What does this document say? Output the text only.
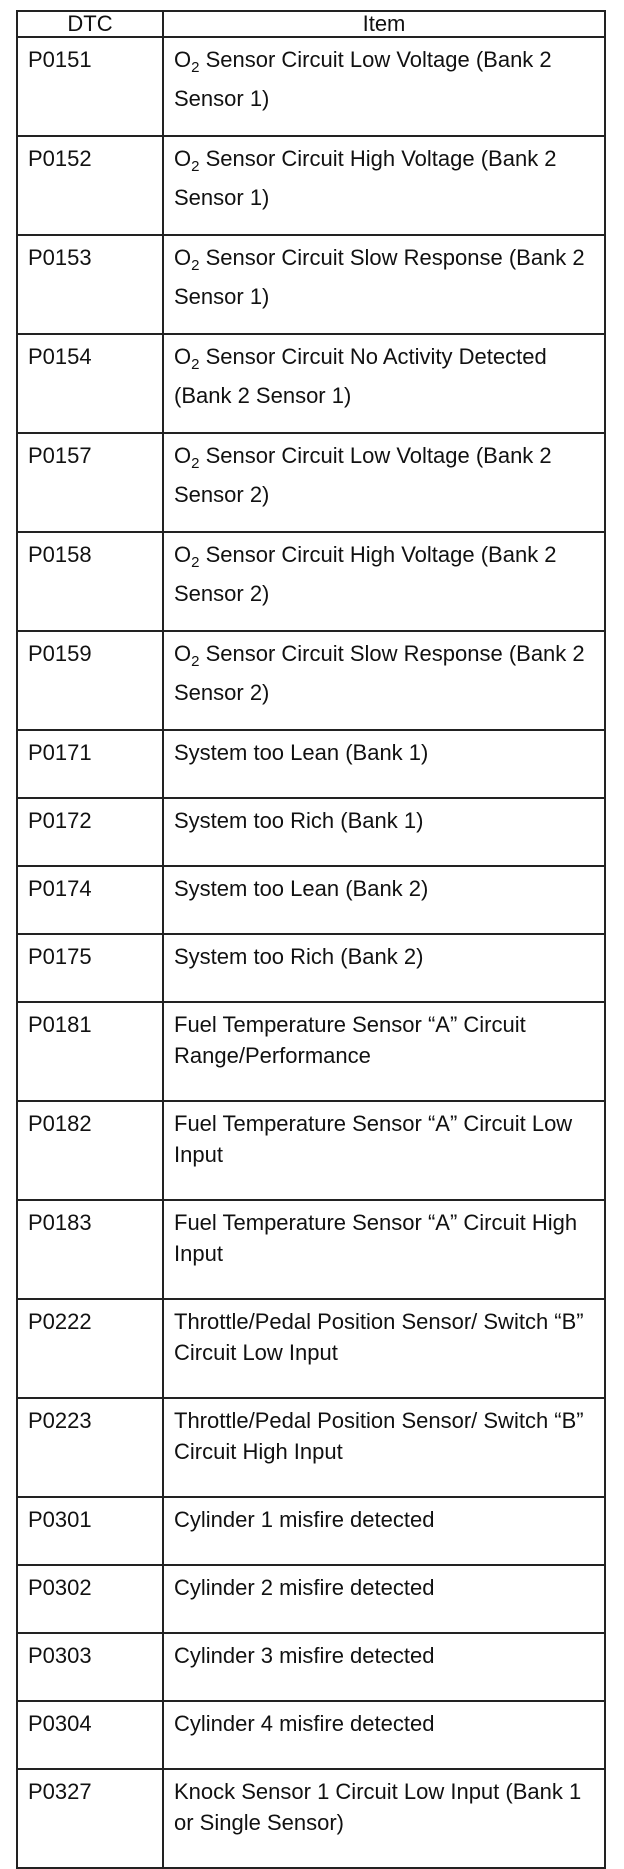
DTC	Item
P0151	$O_2$ Sensor Circuit Low Voltage (Bank 2 Sensor 1)
P0152	$O_2$ Sensor Circuit High Voltage (Bank 2 Sensor 1)
P0153	$O_2$ Sensor Circuit Slow Response (Bank 2 Sensor 1)
P0154	$O_2$ Sensor Circuit No Activity Detected (Bank 2 Sensor 1)
P0157	$O_2$ Sensor Circuit Low Voltage (Bank 2 Sensor 2)
P0158	$O_2$ Sensor Circuit High Voltage (Bank 2 Sensor 2)
P0159	$O_2$ Sensor Circuit Slow Response (Bank 2 Sensor 2)
P0171	System too Lean (Bank 1)
P0172	System too Rich (Bank 1)
P0174	System too Lean (Bank 2)
P0175	System too Rich (Bank 2)
P0181	Fuel Temperature Sensor “A” Circuit Range/Performance
P0182	Fuel Temperature Sensor “A” Circuit Low Input
P0183	Fuel Temperature Sensor “A” Circuit High Input
P0222	Throttle/Pedal Position Sensor/ Switch “B” Circuit Low Input
P0223	Throttle/Pedal Position Sensor/ Switch “B” Circuit High Input
P0301	Cylinder 1 misfire detected
P0302	Cylinder 2 misfire detected
P0303	Cylinder 3 misfire detected
P0304	Cylinder 4 misfire detected
P0327	Knock Sensor 1 Circuit Low Input (Bank 1 or Single Sensor)
